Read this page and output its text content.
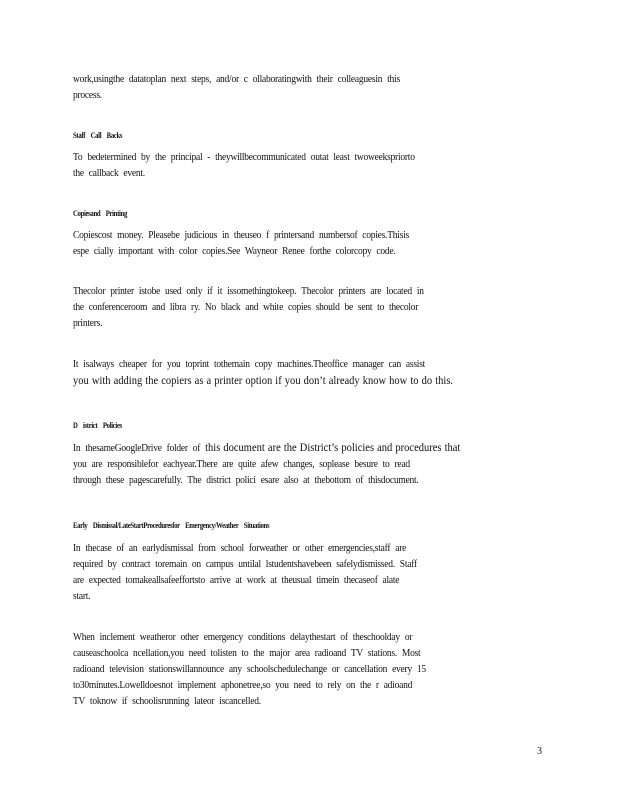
work,usingthe datatoplan next steps, and/or c ollaboratingwith their colleaguesin this
process.
Staff Call Backs
To bedetermined by the principal - theywillbecommunicated outat least twoweekspriorto
the callback event.
Copiesand Printing
Copiescost money. Pleasebe judicious in theuseo f printersand numbersof copies.Thisis
espe cially important with color copies.See Wayneor Renee forthe colorcopy code.
Thecolor printer istobe used only if it issomethingtokeep. Thecolor printers are located in
the conferenceroom and libra ry. No black and white copies should be sent to thecolor
printers.
It isalways cheaper for you toprint tothemain copy machines.Theoffice manager can assist
you with adding the copiers as a printer option if you don’t already know how to do this.
D istrict Policies
In thesameGoogleDrive folder of this document are the District’s policies and procedures that
you are responsiblefor eachyear.There are quite afew changes, soplease besure to read
through these pagescarefully. The district polici esare also at thebottom of thisdocument.
Early Dismissal/LateStartProceduresfor Emergency/Weather Situations
In thecase of an earlydismissal from school forweather or other emergencies,staff are
required by contract toremain on campus untilal lstudentshavebeen safelydismissed. Staff
are expected tomakeallsafeeffortsto arrive at work at theusual timein thecaseof alate
start.
When inclement weatheror other emergency conditions delaythestart of theschoolday or
causeaschoolca ncellation,you need tolisten to the major area radioand TV stations. Most
radioand television stationswillannounce any schoolschedulechange or cancellation every 15
to30minutes.Lowelldoesnot implement aphonetree,so you need to rely on the r adioand
TV toknow if schoolisrunning lateor iscancelled.
3
